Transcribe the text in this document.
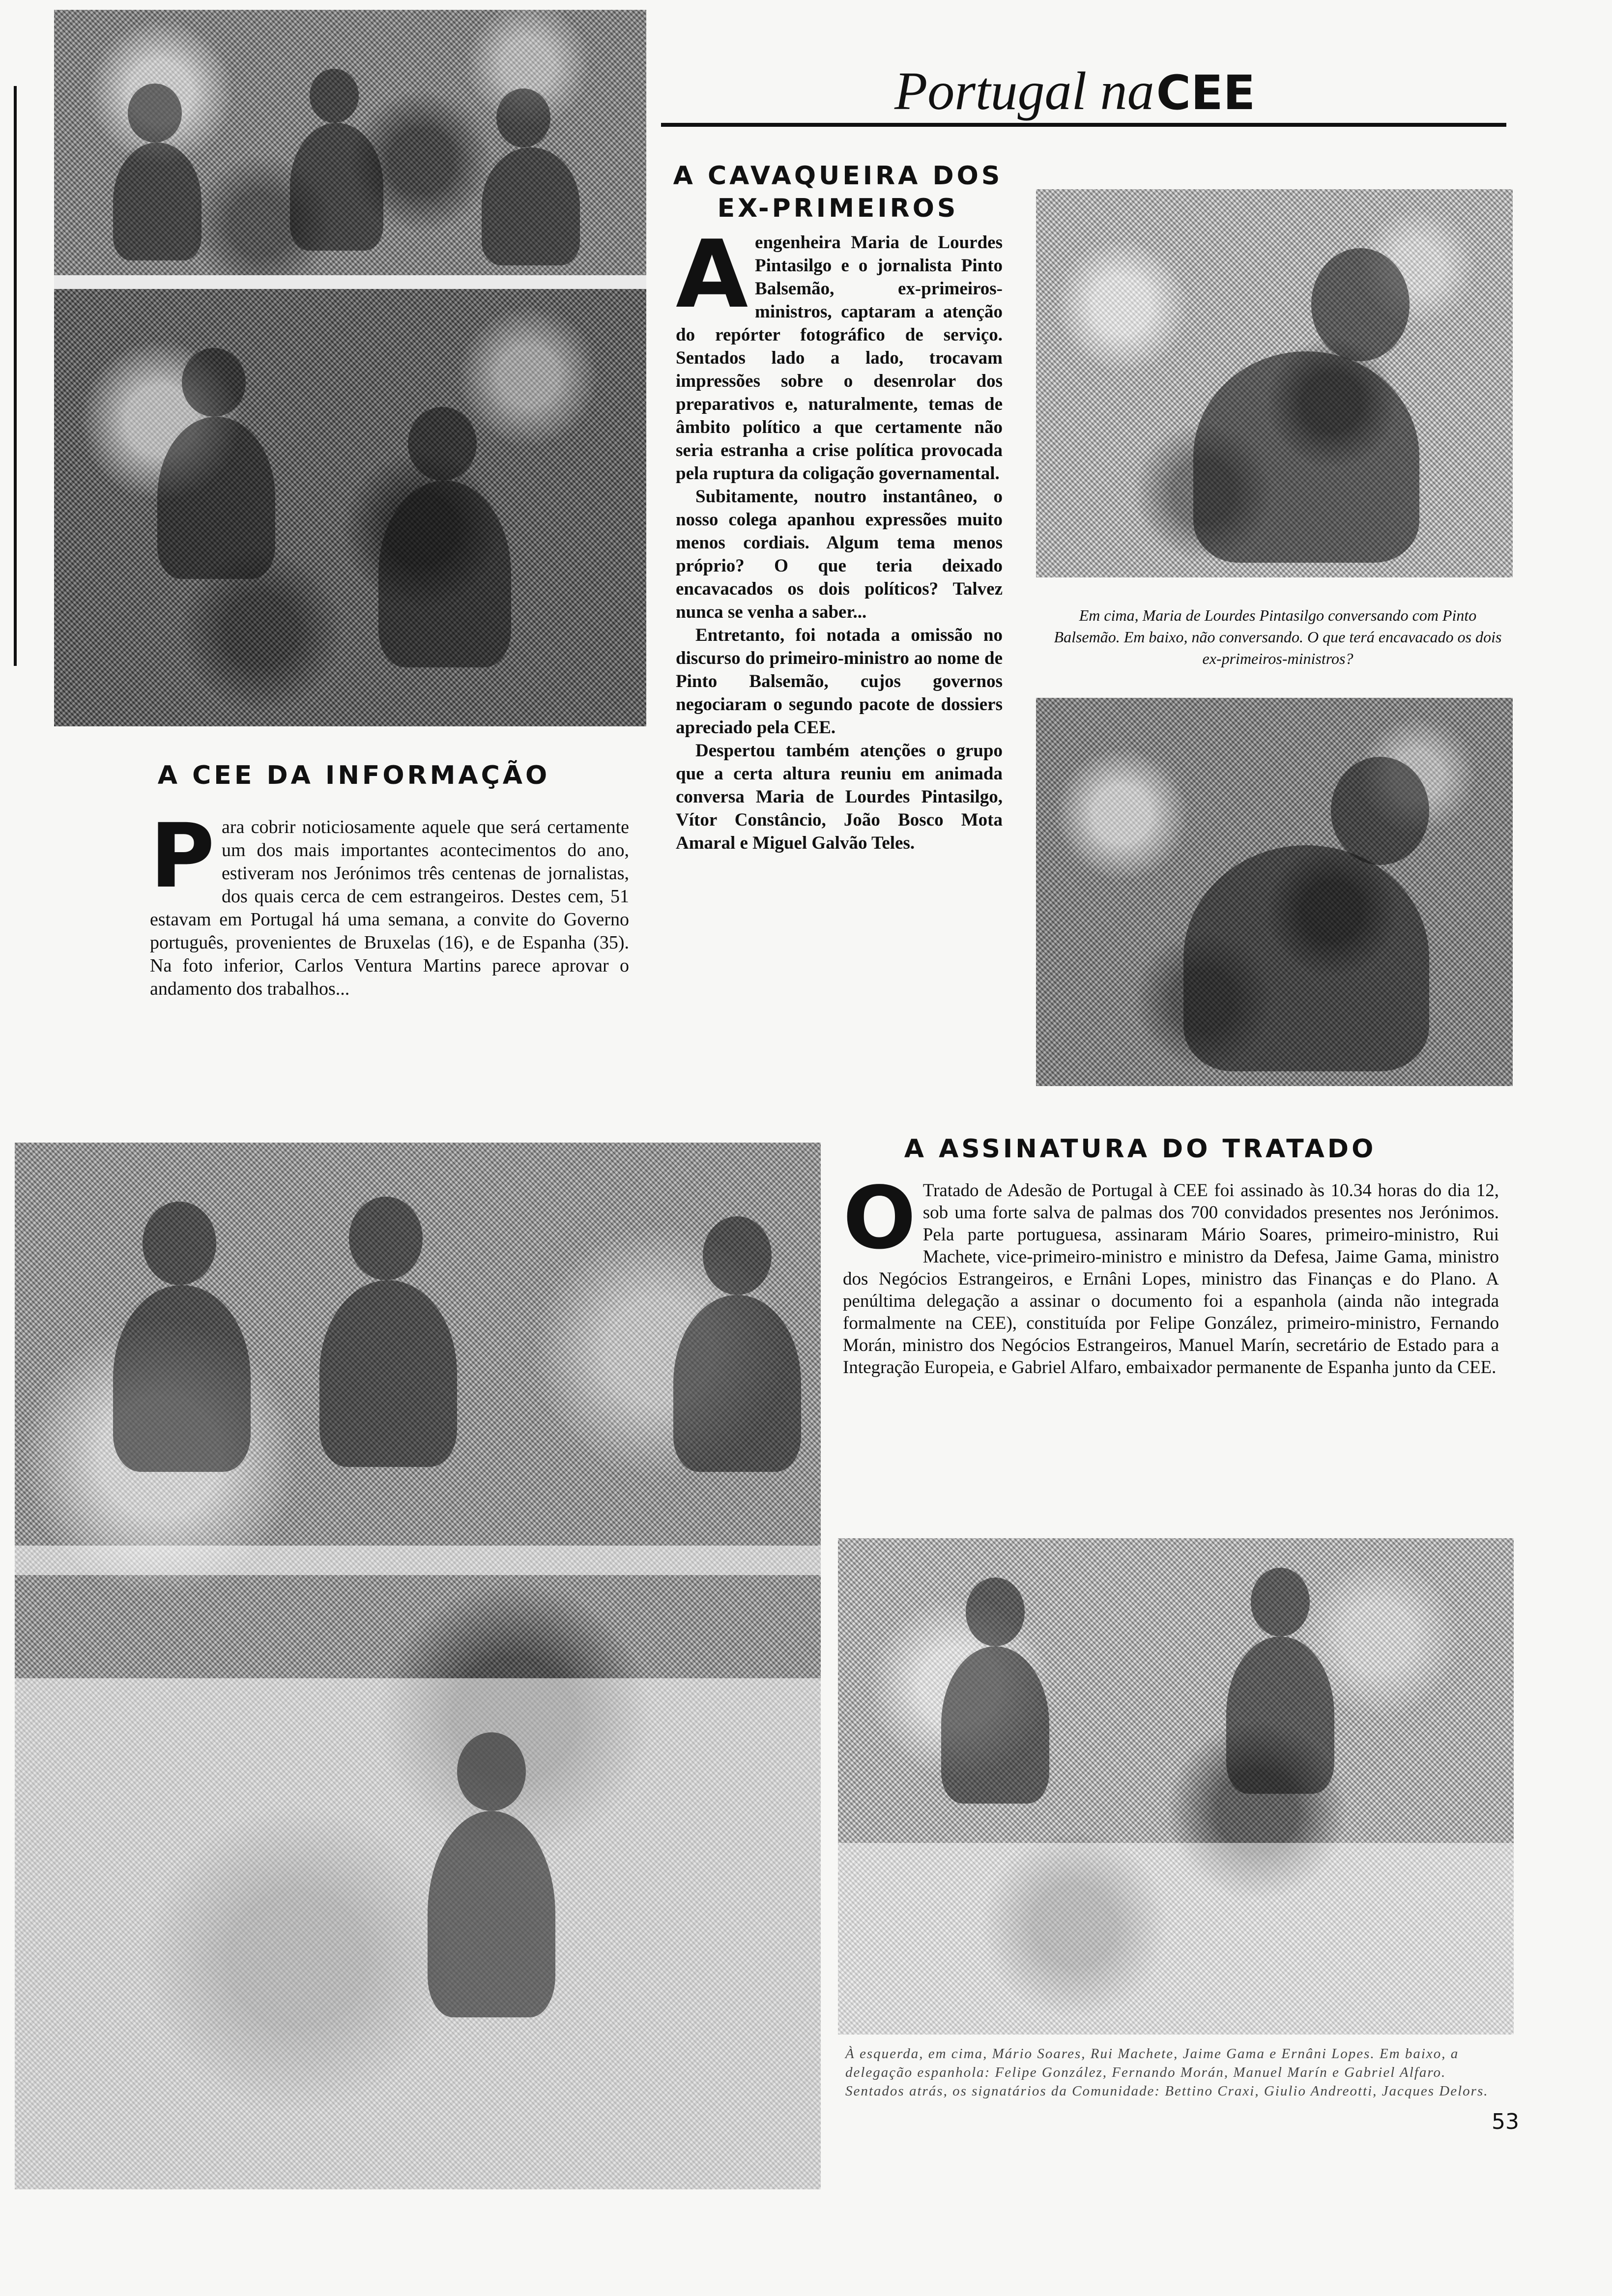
Portugal na CEE
A CAVAQUEIRA DOS
EX-PRIMEIROS
A engenheira Maria de Lourdes Pintasilgo e o jornalista Pinto Balsemão, ex-primeiros-ministros, captaram a atenção do repórter fotográfico de serviço. Sentados lado a lado, trocavam impressões sobre o desenrolar dos preparativos e, naturalmente, temas de âmbito político a que certamente não seria estranha a crise política provocada pela ruptura da coligação governamental.

Subitamente, noutro instantâneo, o nosso colega apanhou expressões muito menos cordiais. Algum tema menos próprio? O que teria deixado encavacados os dois políticos? Talvez nunca se venha a saber...

Entretanto, foi notada a omissão no discurso do primeiro-ministro ao nome de Pinto Balsemão, cujos governos negociaram o segundo pacote de dossiers apreciado pela CEE.

Despertou também atenções o grupo que a certa altura reuniu em animada conversa Maria de Lourdes Pintasilgo, Vítor Constâncio, João Bosco Mota Amaral e Miguel Galvão Teles.

Em cima, Maria de Lourdes Pintasilgo conversando com Pinto Balsemão. Em baixo, não conversando. O que terá encavacado os dois ex-primeiros-ministros?
A CEE DA INFORMAÇÃO
P ara cobrir noticiosamente aquele que será certamente um dos mais importantes acontecimentos do ano, estiveram nos Jerónimos três centenas de jornalistas, dos quais cerca de cem estrangeiros. Destes cem, 51 estavam em Portugal há uma semana, a convite do Governo português, provenientes de Bruxelas (16), e de Espanha (35). Na foto inferior, Carlos Ventura Martins parece aprovar o andamento dos trabalhos...

A ASSINATURA DO TRATADO
O Tratado de Adesão de Portugal à CEE foi assinado às 10.34 horas do dia 12, sob uma forte salva de palmas dos 700 convidados presentes nos Jerónimos. Pela parte portuguesa, assinaram Mário Soares, primeiro-ministro, Rui Machete, vice-primeiro-ministro e ministro da Defesa, Jaime Gama, ministro dos Negócios Estrangeiros, e Ernâni Lopes, ministro das Finanças e do Plano. A penúltima delegação a assinar o documento foi a espanhola (ainda não integrada formalmente na CEE), constituída por Felipe González, primeiro-ministro, Fernando Morán, ministro dos Negócios Estrangeiros, Manuel Marín, secretário de Estado para a Integração Europeia, e Gabriel Alfaro, embaixador permanente de Espanha junto da CEE.

À esquerda, em cima, Mário Soares, Rui Machete, Jaime Gama e Ernâni Lopes. Em baixo, a delegação espanhola: Felipe González, Fernando Morán, Manuel Marín e Gabriel Alfaro. Sentados atrás, os signatários da Comunidade: Bettino Craxi, Giulio Andreotti, Jacques Delors.
53
